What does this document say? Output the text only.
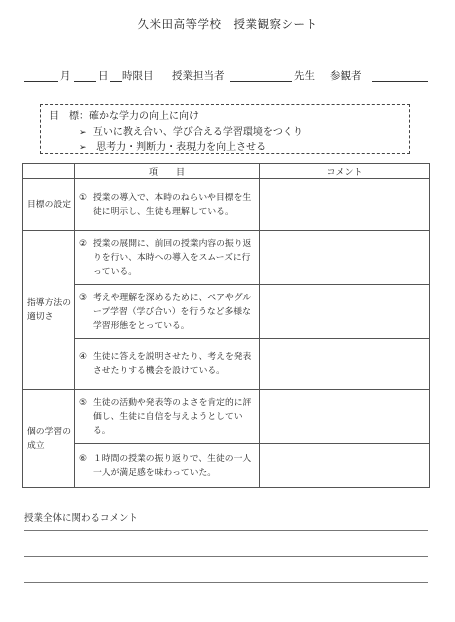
久米田高等学校　授業観察シート
月	日 時限目 授業担当者	先生 参観者
目　標：確かな学力の向上に向け
➢ 互いに教え合い、学び合える学習環境をつくり
➢ 思考力・判断力・表現力を向上させる
	項　　目	コメント
目標の設定	① 授業の導入で、本時のねらいや目標を生徒に明示し、生徒も理解している。	

指導方法の
適切さ	② 授業の展開に、前回の授業内容の振り返りを行い、本時への導入をスムーズに行っている。	

	③ 考えや理解を深めるために、ペアやグループ学習（学び合い）を行うなど多様な学習形態をとっている。	

	④ 生徒に答えを説明させたり、考えを発表させたりする機会を設けている。	

個の学習の
成立	⑤ 生徒の活動や発表等のよさを肯定的に評価し、生徒に自信を与えようとしている。	

	⑥ １時間の授業の振り返りで、生徒の一人一人が満足感を味わっていた。	

授業全体に関わるコメント
